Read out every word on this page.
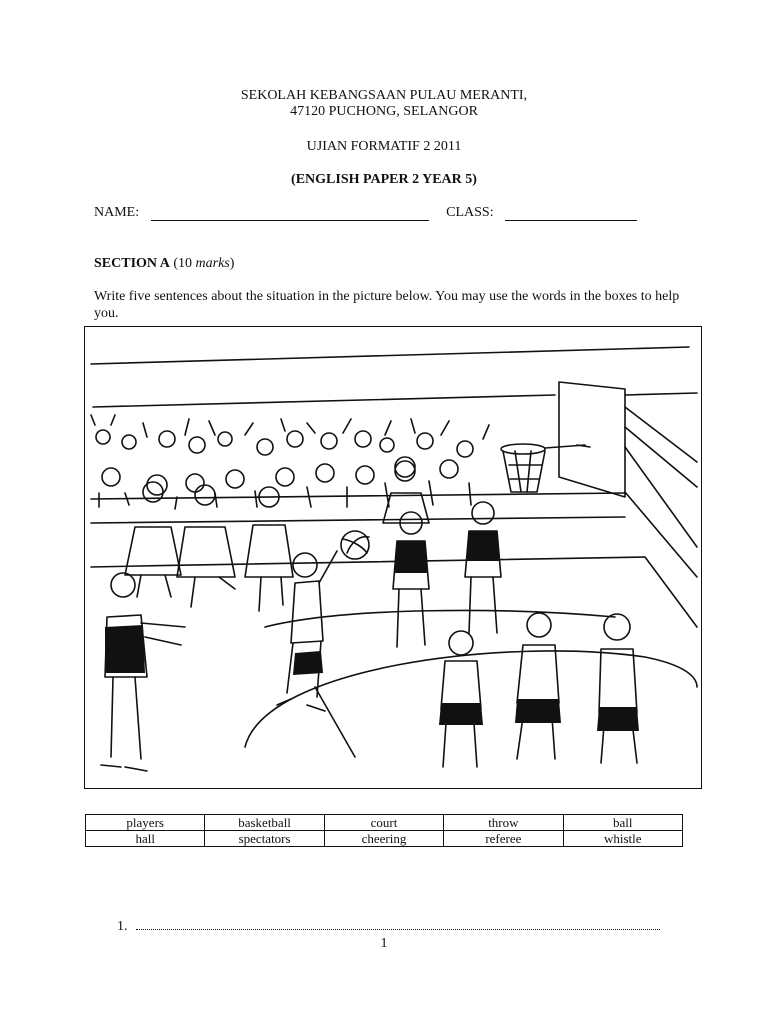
SEKOLAH KEBANGSAAN PULAU MERANTI,
47120 PUCHONG, SELANGOR
UJIAN FORMATIF 2 2011
(ENGLISH PAPER 2 YEAR 5)
NAME:	CLASS:
SECTION A (10 marks)
Write five sentences about the situation in the picture below. You may use the words in the boxes to help you.
players	basketball	court	throw	ball
hall	spectators	cheering	referee	whistle
1.
1
